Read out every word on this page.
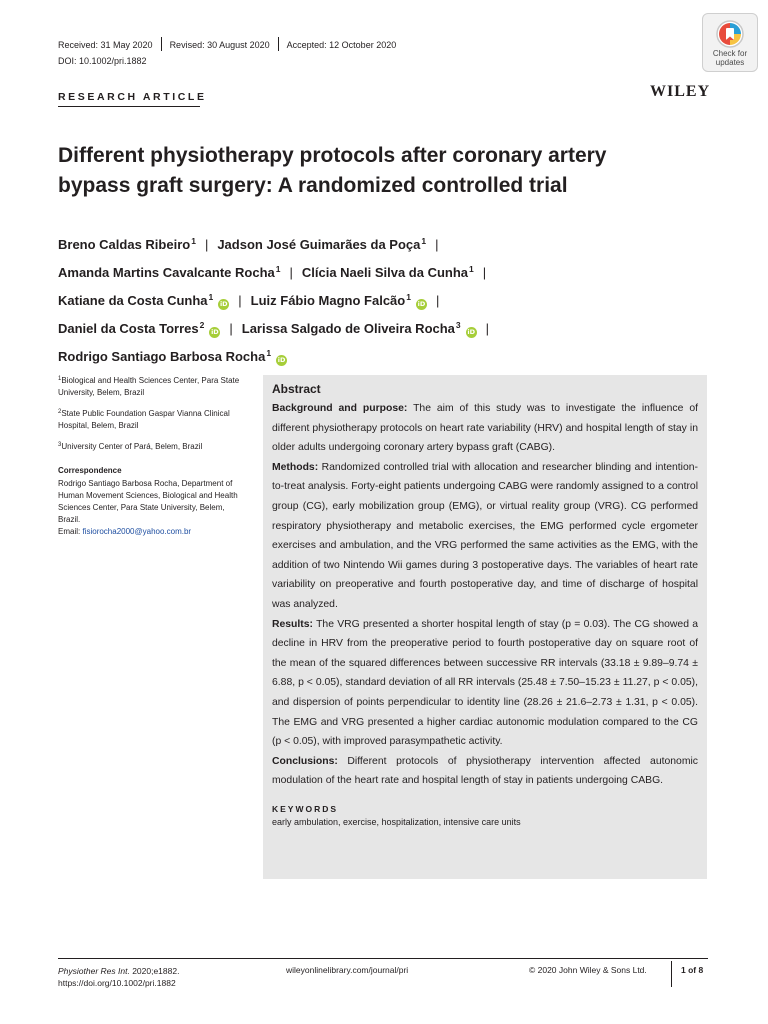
Received: 31 May 2020 Revised: 30 August 2020 Accepted: 12 October 2020
DOI: 10.1002/pri.1882
Check for
updates
RESEARCH ARTICLE	WILEY
Different physiotherapy protocols after coronary artery
bypass graft surgery: A randomized controlled trial
Breno Caldas Ribeiro$^1$ | Jadson José Guimarães da Poça$^1$ |
Amanda Martins Cavalcante Rocha$^1$ | Clícia Naeli Silva da Cunha$^1$ |
Katiane da Costa Cunha$^1$iD | Luiz Fábio Magno Falcão$^1$iD |
Daniel da Costa Torres$^2$iD | Larissa Salgado de Oliveira Rocha$^3$iD |
Rodrigo Santiago Barbosa Rocha$^1$iD

$^1$Biological and Health Sciences Center, Para State University, Belem, Brazil

$^2$State Public Foundation Gaspar Vianna Clinical Hospital, Belem, Brazil

$^3$University Center of Pará, Belem, Brazil

Correspondence

Rodrigo Santiago Barbosa Rocha, Department of Human Movement Sciences, Biological and Health Sciences Center, Para State University, Belem, Brazil.

Email: fisiorocha2000@yahoo.com.br

Abstract
Background and purpose: The aim of this study was to investigate the influence of different physiotherapy protocols on heart rate variability (HRV) and hospital length of stay in older adults undergoing coronary artery bypass graft (CABG).
Methods: Randomized controlled trial with allocation and researcher blinding and intention-to-treat analysis. Forty-eight patients undergoing CABG were randomly assigned to a control group (CG), early mobilization group (EMG), or virtual reality group (VRG). CG performed respiratory physiotherapy and metabolic exercises, the EMG performed cycle ergometer exercises and ambulation, and the VRG performed the same activities as the EMG, with the addition of two Nintendo Wii games during 3 postoperative days. The variables of heart rate variability on preoperative and fourth postoperative day, and time of discharge of hospital was analyzed.
Results: The VRG presented a shorter hospital length of stay (p = 0.03). The CG showed a decline in HRV from the preoperative period to fourth postoperative day on square root of the mean of the squared differences between successive RR intervals (33.18 ± 9.89–9.74 ± 6.88, p < 0.05), standard deviation of all RR intervals (25.48 ± 7.50–15.23 ± 11.27, p < 0.05), and dispersion of points perpendicular to identity line (28.26 ± 21.6–2.73 ± 1.31, p < 0.05). The EMG and VRG presented a higher cardiac autonomic modulation compared to the CG (p < 0.05), with improved parasympathetic activity.
Conclusions: Different protocols of physiotherapy intervention affected autonomic modulation of the heart rate and hospital length of stay in patients undergoing CABG.
KEYWORDS
early ambulation, exercise, hospitalization, intensive care units
Physiother Res Int. 2020;e1882.
https://doi.org/10.1002/pri.1882
wileyonlinelibrary.com/journal/pri	© 2020 John Wiley & Sons Ltd.	1 of 8
